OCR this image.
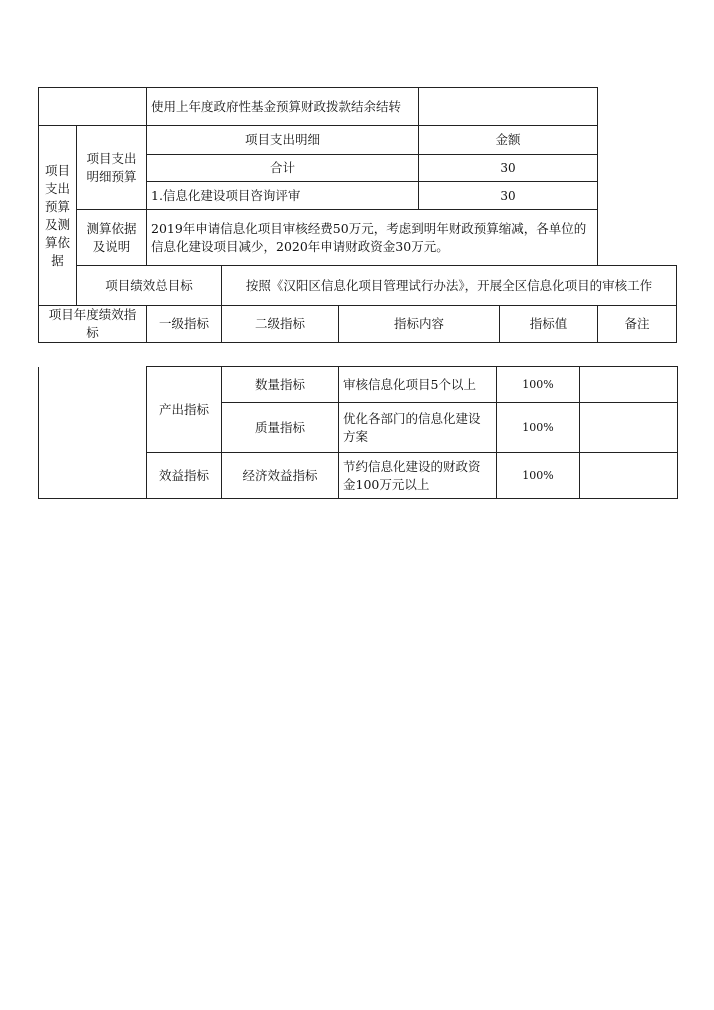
		使用上年度政府性基金预算财政拨款结余结转					
项目支出预算及测算依据	项目支出明细预算	项目支出明细			金额		
		合计			30		
		1.信息化建设项目咨询评审			30		
	测算依据及说明	2019年申请信息化项目审核经费50万元，考虑到明年财政预算缩减，各单位的信息化建设项目减少，2020年申请财政资金30万元。					
	项目绩效总目标		按照《汉阳区信息化项目管理试行办法》，开展全区信息化项目的审核工作				
项目年度绩效指标		一级指标	二级指标	指标内容		指标值	备注
	产出指标	数量指标	审核信息化项目5个以上	100%	
		质量指标	优化各部门的信息化建设方案	100%	
	效益指标	经济效益指标	节约信息化建设的财政资金100万元以上	100%	
